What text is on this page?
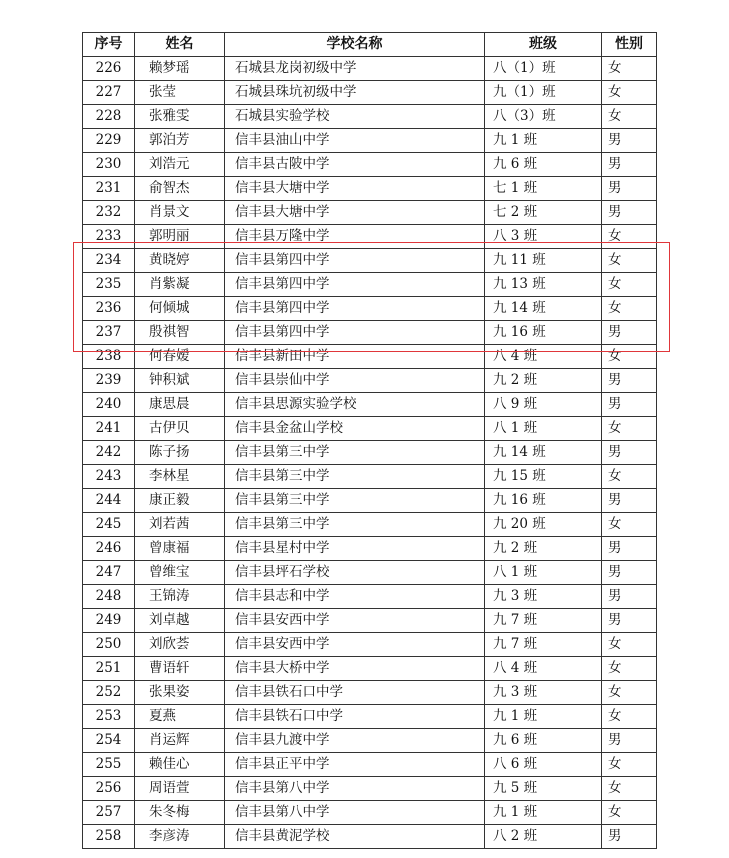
序号	姓名	学校名称	班级	性别
226	赖梦瑶	石城县龙岗初级中学	八（1）班	女
227	张莹	石城县珠坑初级中学	九（1）班	女
228	张雅雯	石城县实验学校	八（3）班	女
229	郭泊芳	信丰县油山中学	九 1 班	男
230	刘浩元	信丰县古陂中学	九 6 班	男
231	俞智杰	信丰县大塘中学	七 1 班	男
232	肖景文	信丰县大塘中学	七 2 班	男
233	郭明丽	信丰县万隆中学	八 3 班	女
234	黄晓婷	信丰县第四中学	九 11 班	女
235	肖紫凝	信丰县第四中学	九 13 班	女
236	何倾城	信丰县第四中学	九 14 班	女
237	殷祺智	信丰县第四中学	九 16 班	男
238	何春嫒	信丰县新田中学	八 4 班	女
239	钟积斌	信丰县崇仙中学	九 2 班	男
240	康思晨	信丰县思源实验学校	八 9 班	男
241	古伊贝	信丰县金盆山学校	八 1 班	女
242	陈子扬	信丰县第三中学	九 14 班	男
243	李林星	信丰县第三中学	九 15 班	女
244	康正毅	信丰县第三中学	九 16 班	男
245	刘若茜	信丰县第三中学	九 20 班	女
246	曾康福	信丰县星村中学	九 2 班	男
247	曾维宝	信丰县坪石学校	八 1 班	男
248	王锦涛	信丰县志和中学	九 3 班	男
249	刘卓越	信丰县安西中学	九 7 班	男
250	刘欣荟	信丰县安西中学	九 7 班	女
251	曹语轩	信丰县大桥中学	八 4 班	女
252	张果姿	信丰县铁石口中学	九 3 班	女
253	夏燕	信丰县铁石口中学	九 1 班	女
254	肖运辉	信丰县九渡中学	九 6 班	男
255	赖佳心	信丰县正平中学	八 6 班	女
256	周语萱	信丰县第八中学	九 5 班	女
257	朱冬梅	信丰县第八中学	九 1 班	女
258	李彦涛	信丰县黄泥学校	八 2 班	男
